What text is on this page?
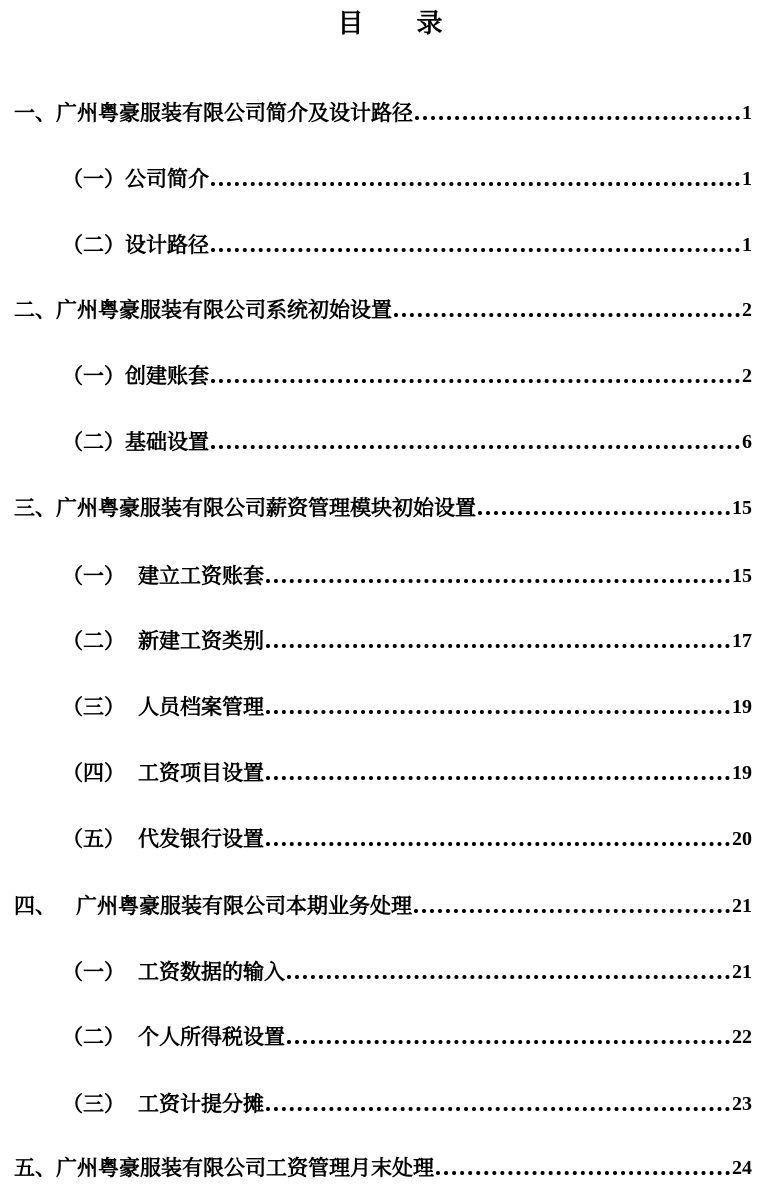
目 录
一、广州粤豪服装有限公司简介及设计路径	1
（一）公司简介	1
（二）设计路径	1
二、广州粤豪服装有限公司系统初始设置	2
（一）创建账套	2
（二）基础设置	6
三、广州粤豪服装有限公司薪资管理模块初始设置	15
（一） 建立工资账套	15
（二） 新建工资类别	17
（三） 人员档案管理	19
（四） 工资项目设置	19
（五） 代发银行设置	20
四、 广州粤豪服装有限公司本期业务处理	21
（一） 工资数据的输入	21
（二） 个人所得税设置	22
（三） 工资计提分摊	23
五、广州粤豪服装有限公司工资管理月末处理	24
